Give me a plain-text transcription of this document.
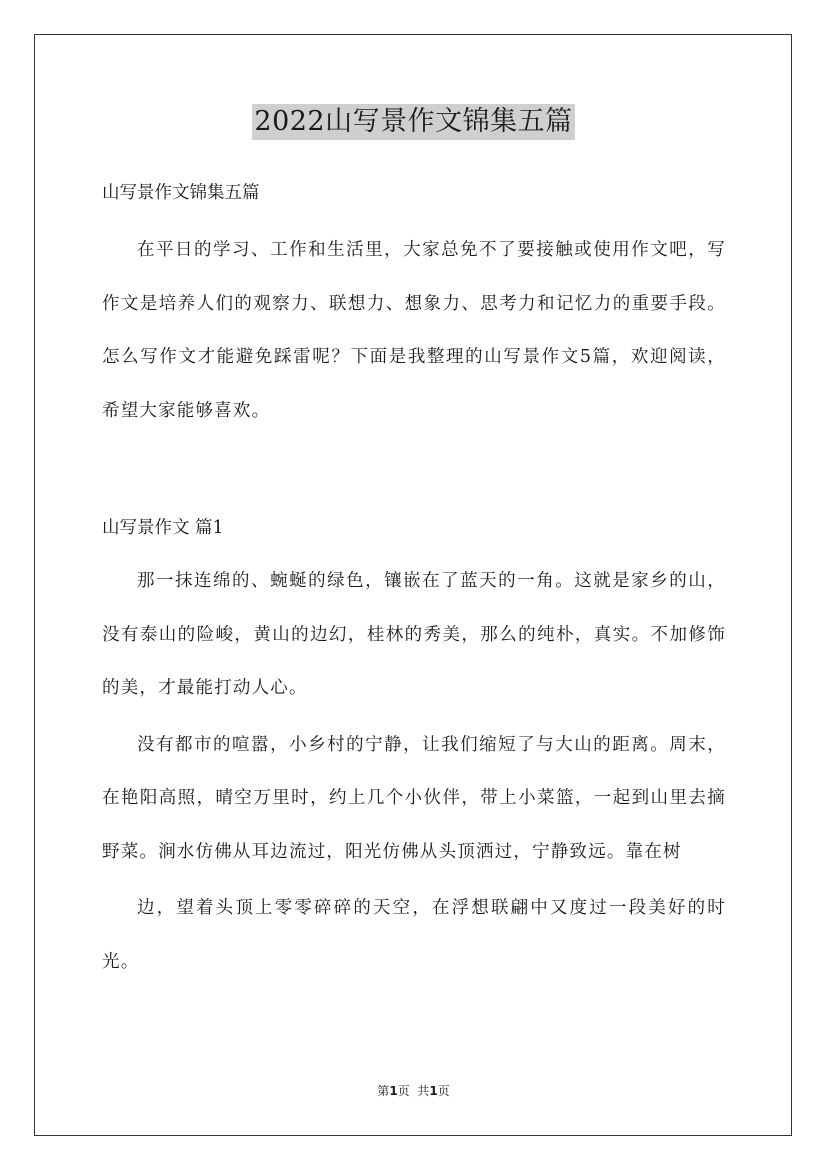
2022山写景作文锦集五篇

山写景作文锦集五篇

在平日的学习、工作和生活里，大家总免不了要接触或使用作文吧，写作文是培养人们的观察力、联想力、想象力、思考力和记忆力的重要手段。怎么写作文才能避免踩雷呢？下面是我整理的山写景作文5篇，欢迎阅读，希望大家能够喜欢。

山写景作文 篇1

那一抹连绵的、蜿蜒的绿色，镶嵌在了蓝天的一角。这就是家乡的山，没有泰山的险峻，黄山的边幻，桂林的秀美，那么的纯朴，真实。不加修饰的美，才最能打动人心。

没有都市的喧嚣，小乡村的宁静，让我们缩短了与大山的距离。周末，在艳阳高照，晴空万里时，约上几个小伙伴，带上小菜篮，一起到山里去摘野菜。涧水仿佛从耳边流过，阳光仿佛从头顶洒过，宁静致远。靠在树

边，望着头顶上零零碎碎的天空，在浮想联翩中又度过一段美好的时光。

第1页  共1页
